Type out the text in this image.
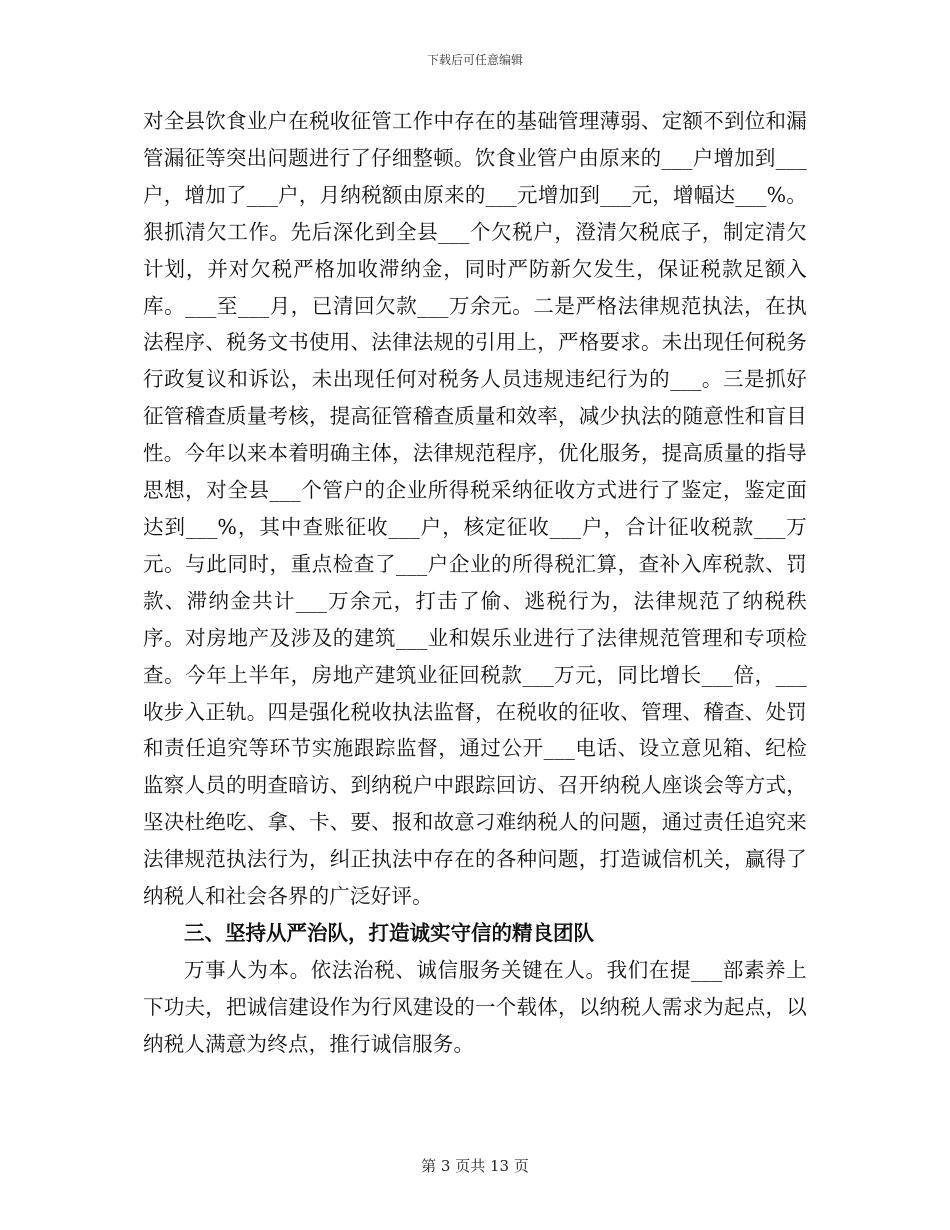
下载后可任意编辑

对全县饮食业户在税收征管工作中存在的基础管理薄弱、定额不到位和漏管漏征等突出问题进行了仔细整顿。饮食业管户由原来的___户增加到___户，增加了___户，月纳税额由原来的___元增加到___元，增幅达___%。狠抓清欠工作。先后深化到全县___个欠税户，澄清欠税底子，制定清欠计划，并对欠税严格加收滞纳金，同时严防新欠发生，保证税款足额入库。___至___月，已清回欠款___万余元。二是严格法律规范执法，在执法程序、税务文书使用、法律法规的引用上，严格要求。未出现任何税务行政复议和诉讼，未出现任何对税务人员违规违纪行为的___。三是抓好征管稽查质量考核，提高征管稽查质量和效率，减少执法的随意性和盲目性。今年以来本着明确主体，法律规范程序，优化服务，提高质量的指导思想，对全县___个管户的企业所得税采纳征收方式进行了鉴定，鉴定面达到___%，其中查账征收___户，核定征收___户，合计征收税款___万元。与此同时，重点检查了___户企业的所得税汇算，查补入库税款、罚款、滞纳金共计___万余元，打击了偷、逃税行为，法律规范了纳税秩序。对房地产及涉及的建筑___业和娱乐业进行了法律规范管理和专项检查。今年上半年，房地产建筑业征回税款___万元，同比增长___倍，___收步入正轨。四是强化税收执法监督，在税收的征收、管理、稽查、处罚和责任追究等环节实施跟踪监督，通过公开___电话、设立意见箱、纪检监察人员的明查暗访、到纳税户中跟踪回访、召开纳税人座谈会等方式，坚决杜绝吃、拿、卡、要、报和故意刁难纳税人的问题，通过责任追究来法律规范执法行为，纠正执法中存在的各种问题，打造诚信机关，赢得了纳税人和社会各界的广泛好评。

三、坚持从严治队，打造诚实守信的精良团队

万事人为本。依法治税、诚信服务关键在人。我们在提___部素养上下功夫，把诚信建设作为行风建设的一个载体，以纳税人需求为起点，以纳税人满意为终点，推行诚信服务。

第 3 页共 13 页
